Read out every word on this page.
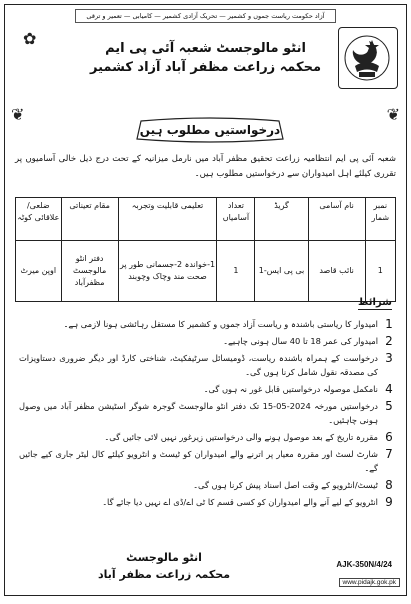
آزاد حکومت ریاست جموں و کشمیر — تحریک آزادی کشمیر — کامیابی — تعمیر و ترقی
انٹو مالوجسٹ شعبہ آئی پی ایم
محکمہ زراعت مظفر آباد آزاد کشمیر
✿
❦	❦
درخواستیں مطلوب ہیں
شعبہ آئی پی ایم انتظامیہ زراعت تحقیق مظفر آباد میں نارمل میزانیہ کے تحت درج ذیل خالی آسامیوں پر تقرری کیلئے اہل امیدواران سے درخواستیں مطلوب ہیں۔
نمبر شمار	نام آسامی	گریڈ	تعداد آسامیاں	تعلیمی قابلیت وتجربہ	مقام تعیناتی	ضلعی/علاقائی کوٹہ
1	نائب قاصد	بی پی ایس-1	1	1-خواندہ 2-جسمانی طور پر صحت مند وچاک وچوبند	دفتر انٹو مالوجسٹ مظفرآباد	اوپن میرٹ
شرائط
1
امیدوار کا ریاستی باشندہ و ریاست آزاد جموں و کشمیر کا مستقل رہائشی ہونا لازمی ہے۔
2
امیدوار کی عمر 18 تا 40 سال ہونی چاہیے۔
3
درخواست کے ہمراہ باشندہ ریاست، ڈومیسائل سرٹیفکیٹ، شناختی کارڈ اور دیگر ضروری دستاویزات کی مصدقہ نقول شامل کرنا ہوں گی۔
4
نامکمل موصولہ درخواستیں قابل غور نہ ہوں گی۔
5
درخواستیں مورخہ 2024-05-15 تک دفتر انٹو مالوجسٹ گوجرہ شوگر اسٹیشن مظفر آباد میں وصول ہونی چاہئیں۔
6
مقررہ تاریخ کے بعد موصول ہونے والی درخواستیں زیرغور نہیں لائی جائیں گی۔
7
شارٹ لسٹ اور مقررہ معیار پر اترنے والے امیدواران کو ٹیسٹ و انٹرویو کیلئے کال لیٹر جاری کیے جائیں گے۔
8
ٹیسٹ/انٹرویو کے وقت اصل اسناد پیش کرنا ہوں گی۔
9
انٹرویو کے لیے آنے والے امیدواران کو کسی قسم کا ٹی اے/ڈی اے نہیں دیا جائے گا۔
AJK-350N/4/24
انٹو مالوجسٹ
محکمہ زراعت مظفر آباد
www.pidajk.gok.pk
